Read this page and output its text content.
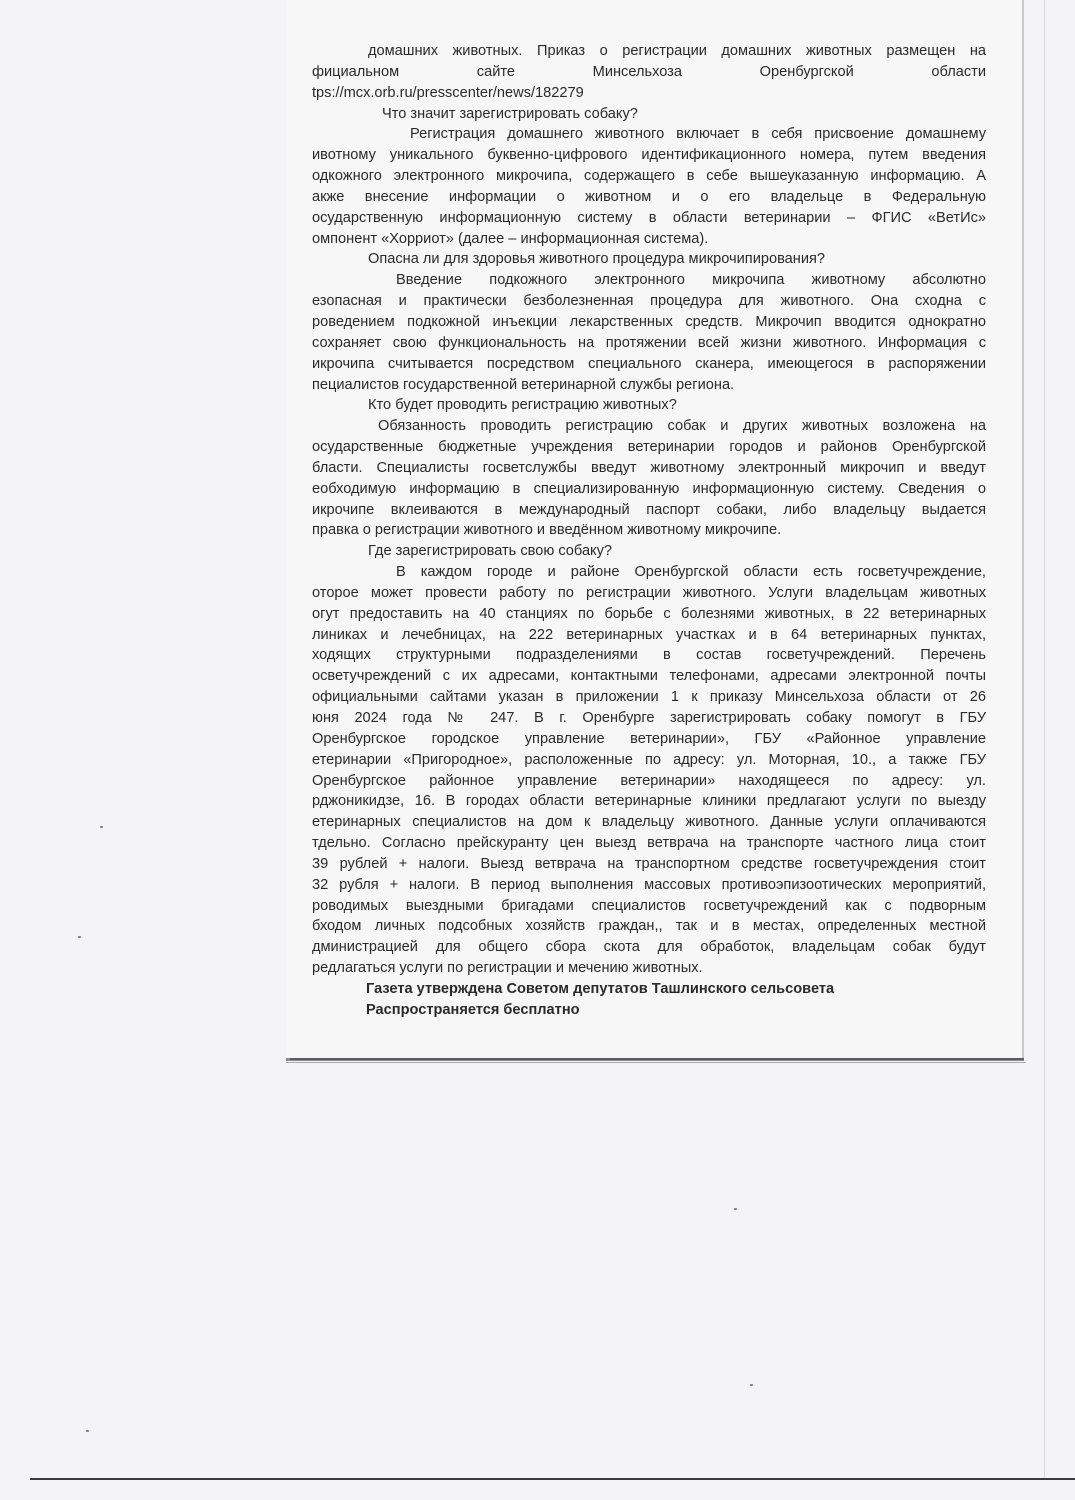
домашних животных. Приказ о регистрации домашних животных размещен на
фициальном сайте Минсельхоза Оренбургской области
tps://mcx.orb.ru/presscenter/news/182279
Что значит зарегистрировать собаку?
Регистрация домашнего животного включает в себя присвоение домашнему
ивотному уникального буквенно-цифрового идентификационного номера, путем введения
одкожного электронного микрочипа, содержащего в себе вышеуказанную информацию. А
акже внесение информации о животном и о его владельце в Федеральную
осударственную информационную систему в области ветеринарии – ФГИС «ВетИс»
омпонент «Хорриот» (далее – информационная система).
Опасна ли для здоровья животного процедура микрочипирования?
Введение подкожного электронного микрочипа животному абсолютно
езопасная и практически безболезненная процедура для животного. Она сходна с
роведением подкожной инъекции лекарственных средств. Микрочип вводится однократно
сохраняет свою функциональность на протяжении всей жизни животного. Информация с
икрочипа считывается посредством специального сканера, имеющегося в распоряжении
пециалистов государственной ветеринарной службы региона.
Кто будет проводить регистрацию животных?
Обязанность проводить регистрацию собак и других животных возложена на
осударственные бюджетные учреждения ветеринарии городов и районов Оренбургской
бласти. Специалисты госветслужбы введут животному электронный микрочип и введут
еобходимую информацию в специализированную информационную систему. Сведения о
икрочипе вклеиваются в международный паспорт собаки, либо владельцу выдается
правка о регистрации животного и введённом животному микрочипе.
Где зарегистрировать свою собаку?
В каждом городе и районе Оренбургской области есть госветучреждение,
оторое может провести работу по регистрации животного. Услуги владельцам животных
огут предоставить на 40 станциях по борьбе с болезнями животных, в 22 ветеринарных
линиках и лечебницах, на 222 ветеринарных участках и в 64 ветеринарных пунктах,
ходящих структурными подразделениями в состав госветучреждений. Перечень
осветучреждений с их адресами, контактными телефонами, адресами электронной почты
официальными сайтами указан в приложении 1 к приказу Минсельхоза области от 26
юня 2024 года № 247. В г. Оренбурге зарегистрировать собаку помогут в ГБУ
Оренбургское городское управление ветеринарии», ГБУ «Районное управление
етеринарии «Пригородное», расположенные по адресу: ул. Моторная, 10., а также ГБУ
Оренбургское районное управление ветеринарии» находящееся по адресу: ул.
рджоникидзе, 16. В городах области ветеринарные клиники предлагают услуги по выезду
етеринарных специалистов на дом к владельцу животного. Данные услуги оплачиваются
тдельно. Согласно прейскуранту цен выезд ветврача на транспорте частного лица стоит
39 рублей + налоги. Выезд ветврача на транспортном средстве госветучреждения стоит
32 рубля + налоги. В период выполнения массовых противоэпизоотических мероприятий,
роводимых выездными бригадами специалистов госветучреждений как с подворным
бходом личных подсобных хозяйств граждан,, так и в местах, определенных местной
дминистрацией для общего сбора скота для обработок, владельцам собак будут
редлагаться услуги по регистрации и мечению животных.
Газета утверждена Советом депутатов Ташлинского сельсовета
Распространяется бесплатно
